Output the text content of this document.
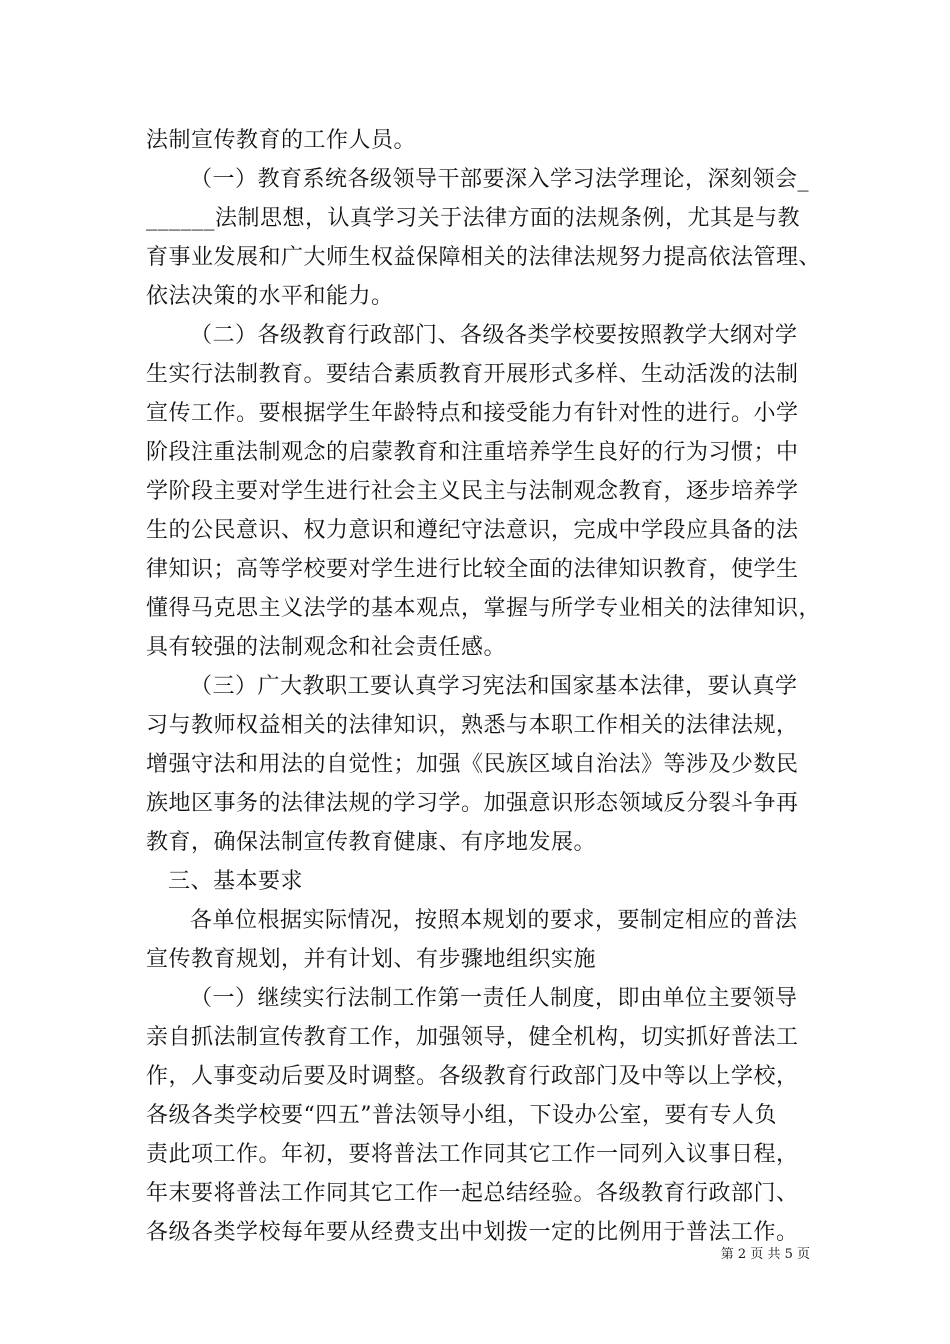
法制宣传教育的工作人员。
（一）教育系统各级领导干部要深入学习法学理论，深刻领会_
______法制思想，认真学习关于法律方面的法规条例，尤其是与教
育事业发展和广大师生权益保障相关的法律法规努力提高依法管理、
依法决策的水平和能力。
（二）各级教育行政部门、各级各类学校要按照教学大纲对学
生实行法制教育。要结合素质教育开展形式多样、生动活泼的法制
宣传工作。要根据学生年龄特点和接受能力有针对性的进行。小学
阶段注重法制观念的启蒙教育和注重培养学生良好的行为习惯；中
学阶段主要对学生进行社会主义民主与法制观念教育，逐步培养学
生的公民意识、权力意识和遵纪守法意识，完成中学段应具备的法
律知识；高等学校要对学生进行比较全面的法律知识教育，使学生
懂得马克思主义法学的基本观点，掌握与所学专业相关的法律知识，
具有较强的法制观念和社会责任感。
（三）广大教职工要认真学习宪法和国家基本法律，要认真学
习与教师权益相关的法律知识，熟悉与本职工作相关的法律法规，
增强守法和用法的自觉性；加强《民族区域自治法》等涉及少数民
族地区事务的法律法规的学习学。加强意识形态领域反分裂斗争再
教育，确保法制宣传教育健康、有序地发展。
三、基本要求
各单位根据实际情况，按照本规划的要求，要制定相应的普法
宣传教育规划，并有计划、有步骤地组织实施
（一）继续实行法制工作第一责任人制度，即由单位主要领导
亲自抓法制宣传教育工作，加强领导，健全机构，切实抓好普法工
作，人事变动后要及时调整。各级教育行政部门及中等以上学校，
各级各类学校要“四五”普法领导小组，下设办公室，要有专人负
责此项工作。年初，要将普法工作同其它工作一同列入议事日程，
年末要将普法工作同其它工作一起总结经验。各级教育行政部门、
各级各类学校每年要从经费支出中划拨一定的比例用于普法工作。
第 2 页 共 5 页
